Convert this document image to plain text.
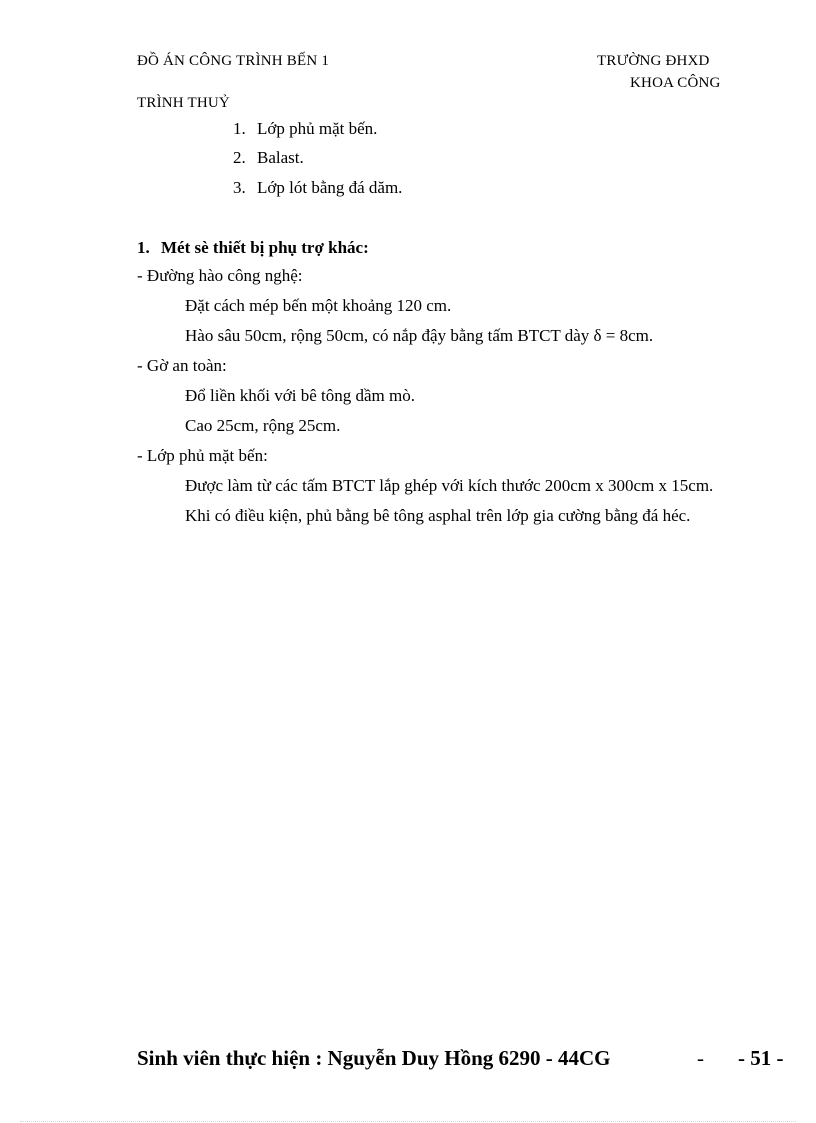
ĐỒ ÁN CÔNG TRÌNH BẾN 1	TRƯỜNG ĐHXD
KHOA CÔNG
TRÌNH THUỶ
1. Lớp phủ mặt bến.
2. Balast.
3. Lớp lót bằng đá dăm.
1. Mét sè thiết bị phụ trợ khác:
- Đường hào công nghệ:
Đặt cách mép bến một khoảng 120 cm.
Hào sâu 50cm, rộng 50cm, có nắp đậy bằng tấm BTCT dày δ = 8cm.
- Gờ an toàn:
Đổ liền khối với bê tông dầm mò.
Cao 25cm, rộng 25cm.
- Lớp phủ mặt bến:
Được làm từ các tấm BTCT lắp ghép với kích thước 200cm x 300cm x 15cm.
Khi có điều kiện, phủ bằng bê tông asphal trên lớp gia cường bằng đá héc.
Sinh viên thực hiện : Nguyễn Duy Hồng 6290 - 44CG	- - 51 -
